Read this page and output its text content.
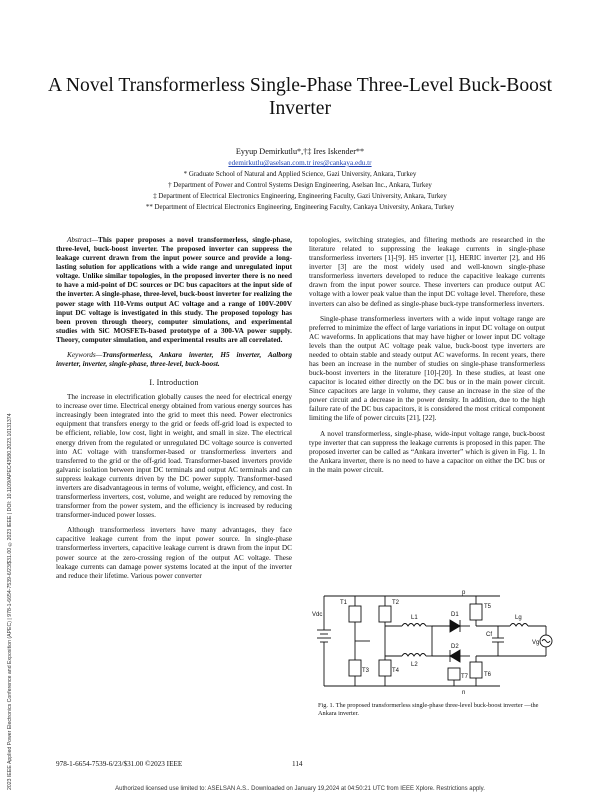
2023 IEEE Applied Power Electronics Conference and Exposition (APEC) | 978-1-6654-7539-6/23/$31.00 ©2023 IEEE | DOI: 10.1109/APEC43580.2023.10131374
A Novel Transformerless Single-Phase Three-Level Buck-Boost Inverter
Eyyup Demirkutlu*,†‡ Ires Iskender**
edemirkutlu@aselsan.com.tr ires@cankaya.edu.tr
* Graduate School of Natural and Applied Science, Gazi University, Ankara, Turkey
† Department of Power and Control Systems Design Engineering, Aselsan Inc., Ankara, Turkey
‡ Department of Electrical Electronics Engineering, Engineering Faculty, Gazi University, Ankara, Turkey
** Department of Electrical Electronics Engineering, Engineering Faculty, Cankaya University, Ankara, Turkey

Abstract—This paper proposes a novel transformerless, single-phase, three-level, buck-boost inverter. The proposed inverter can suppress the leakage current drawn from the input power source and provide a long-lasting solution for applications with a wide range and unregulated input voltage. Unlike similar topologies, in the proposed inverter there is no need to have a mid-point of DC sources or DC bus capacitors at the input side of the inverter. A single-phase, three-level, buck-boost inverter for realizing the power stage with 110-Vrms output AC voltage and a range of 100V-200V input DC voltage is investigated in this study. The proposed topology has been proven through theory, computer simulations, and experimental studies with SiC MOSFETs-based prototype of a 300-VA power supply. Theory, computer simulation, and experimental results are all correlated.

Keywords—Transformerless, Ankara inverter, H5 inverter, Aalborg inverter, inverter, single-phase, three-level, buck-boost.

I. Introduction

The increase in electrification globally causes the need for electrical energy to increase over time. Electrical energy obtained from various energy sources has increasingly been integrated into the grid to meet this need. Power electronics equipment that transfers energy to the grid or feeds off-grid load is expected to be efficient, reliable, low cost, light in weight, and small in size. The electrical energy driven from the regulated or unregulated DC voltage source is converted into AC voltage with transformer-based or transformerless inverters and transferred to the grid or the off-grid load. Transformer-based inverters provide galvanic isolation between input DC terminals and output AC terminals and can suppress leakage currents driven by the DC power supply. Transformer-based inverters are disadvantageous in terms of volume, weight, efficiency, and cost. In transformerless inverters, cost, volume, and weight are reduced by removing the transformer from the power system, and the efficiency is increased by reducing transformer-induced power losses.

Although transformerless inverters have many advantages, they face capacitive leakage current from the input power source. In single-phase transformerless inverters, capacitive leakage current is drawn from the input DC power source at the zero-crossing region of the output AC voltage. These leakage currents can damage power systems located at the input of the inverter and reduce their lifetime. Various power converter

topologies, switching strategies, and filtering methods are researched in the literature related to suppressing the leakage currents in single-phase transformerless inverters [1]-[9]. H5 inverter [1], HERIC inverter [2], and H6 inverter [3] are the most widely used and well-known single-phase transformerless inverters developed to reduce the capacitive leakage currents drawn from the input power source. These inverters can produce output AC voltage with a lower peak value than the input DC voltage level. Therefore, these inverters can also be defined as single-phase buck-type transformerless inverters.

Single-phase transformerless inverters with a wide input voltage range are preferred to minimize the effect of large variations in input DC voltage on output AC waveforms. In applications that may have higher or lower input DC voltage levels than the output AC voltage peak value, buck-boost type inverters are needed to obtain stable and steady output AC waveforms. In recent years, there has been an increase in the number of studies on single-phase transformerless buck-boost inverters in the literature [10]-[20]. In these studies, at least one capacitor is located either directly on the DC bus or in the main power circuit. Since capacitors are large in volume, they cause an increase in the size of the power circuit and a decrease in the power density. In addition, due to the high failure rate of the DC bus capacitors, it is considered the most critical component limiting the life of power circuits [21], [22].

A novel transformerless, single-phase, wide-input voltage range, buck-boost type inverter that can suppress the leakage currents is proposed in this paper. The proposed inverter can be called as “Ankara inverter” which is given in Fig. 1. In the Ankara inverter, there is no need to have a capacitor on either the DC bus or in the main power circuit.

Vdc
T1	T2
T3	T4
T5
T6
T7
L1
L2
D1
D2
Lg
Cf
Vg
p
n
Fig. 1. The proposed transformerless single-phase three-level buck-boost inverter —the Ankara inverter.
978-1-6654-7539-6/23/$31.00 ©2023 IEEE	114
Authorized licensed use limited to: ASELSAN A.S.. Downloaded on January 19,2024 at 04:50:21 UTC from IEEE Xplore. Restrictions apply.
